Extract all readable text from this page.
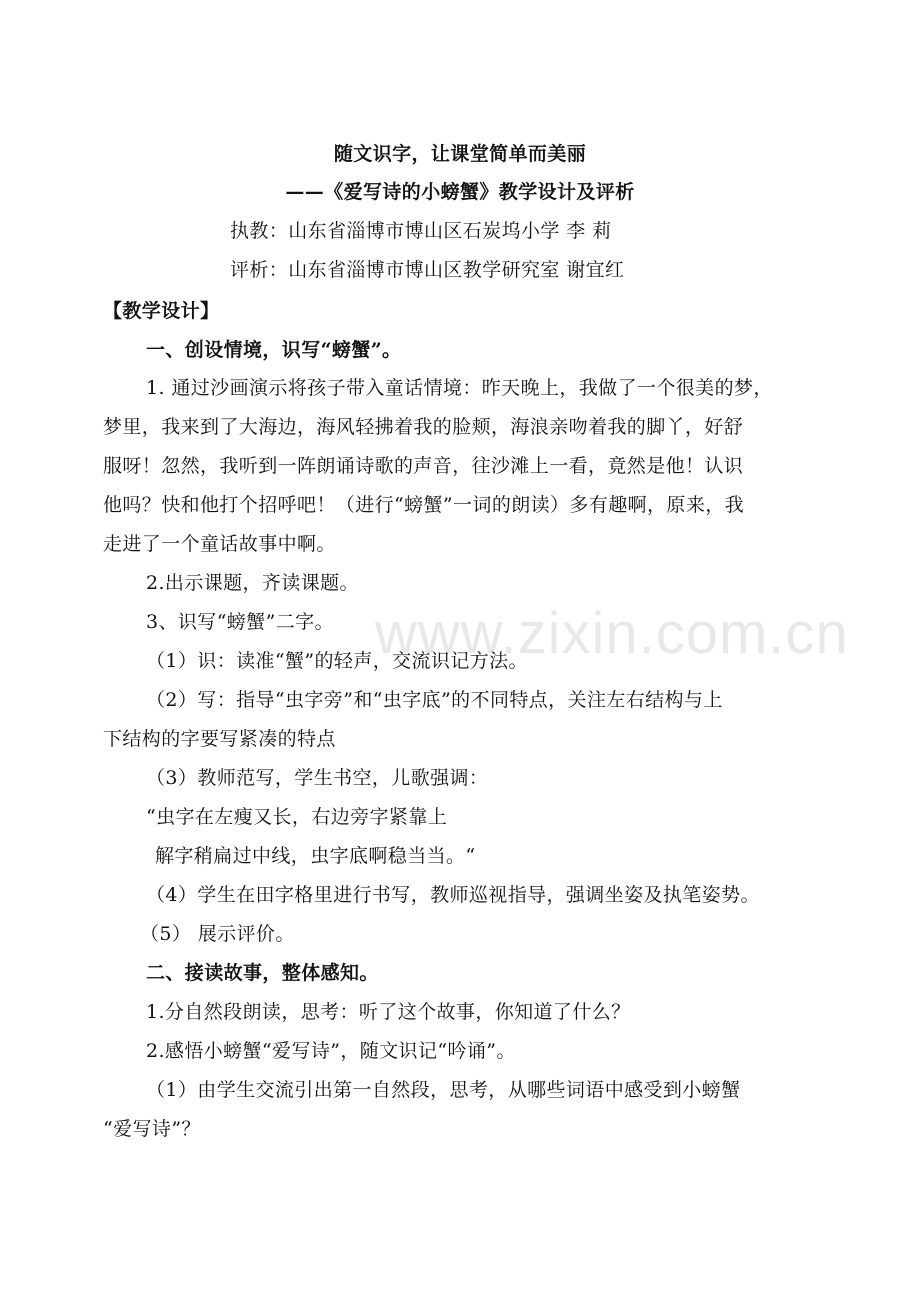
随文识字，让课堂简单而美丽
——《爱写诗的小螃蟹》教学设计及评析
执教：山东省淄博市博山区石炭坞小学 李 莉
评析：山东省淄博市博山区教学研究室 谢宜红
【教学设计】
一、创设情境，识写“螃蟹”。
1. 通过沙画演示将孩子带入童话情境：昨天晚上，我做了一个很美的梦，
梦里，我来到了大海边，海风轻拂着我的脸颊，海浪亲吻着我的脚丫，好舒
服呀！忽然，我听到一阵朗诵诗歌的声音，往沙滩上一看，竟然是他！认识
他吗？快和他打个招呼吧！（进行“螃蟹”一词的朗读）多有趣啊，原来，我
走进了一个童话故事中啊。
2.出示课题，齐读课题。
3、识写“螃蟹”二字。
（1）识：读准“蟹”的轻声，交流识记方法。
（2）写：指导“虫字旁”和“虫字底”的不同特点，关注左右结构与上
下结构的字要写紧凑的特点
（3）教师范写，学生书空，儿歌强调：
“虫字在左瘦又长，右边旁字紧靠上
解字稍扁过中线，虫字底啊稳当当。“
（4）学生在田字格里进行书写，教师巡视指导，强调坐姿及执笔姿势。
（5） 展示评价。
二、接读故事，整体感知。
1.分自然段朗读，思考：听了这个故事，你知道了什么？
2.感悟小螃蟹“爱写诗”，随文识记“吟诵”。
（1）由学生交流引出第一自然段，思考，从哪些词语中感受到小螃蟹
“爱写诗”？
www.zixin.com.cn
